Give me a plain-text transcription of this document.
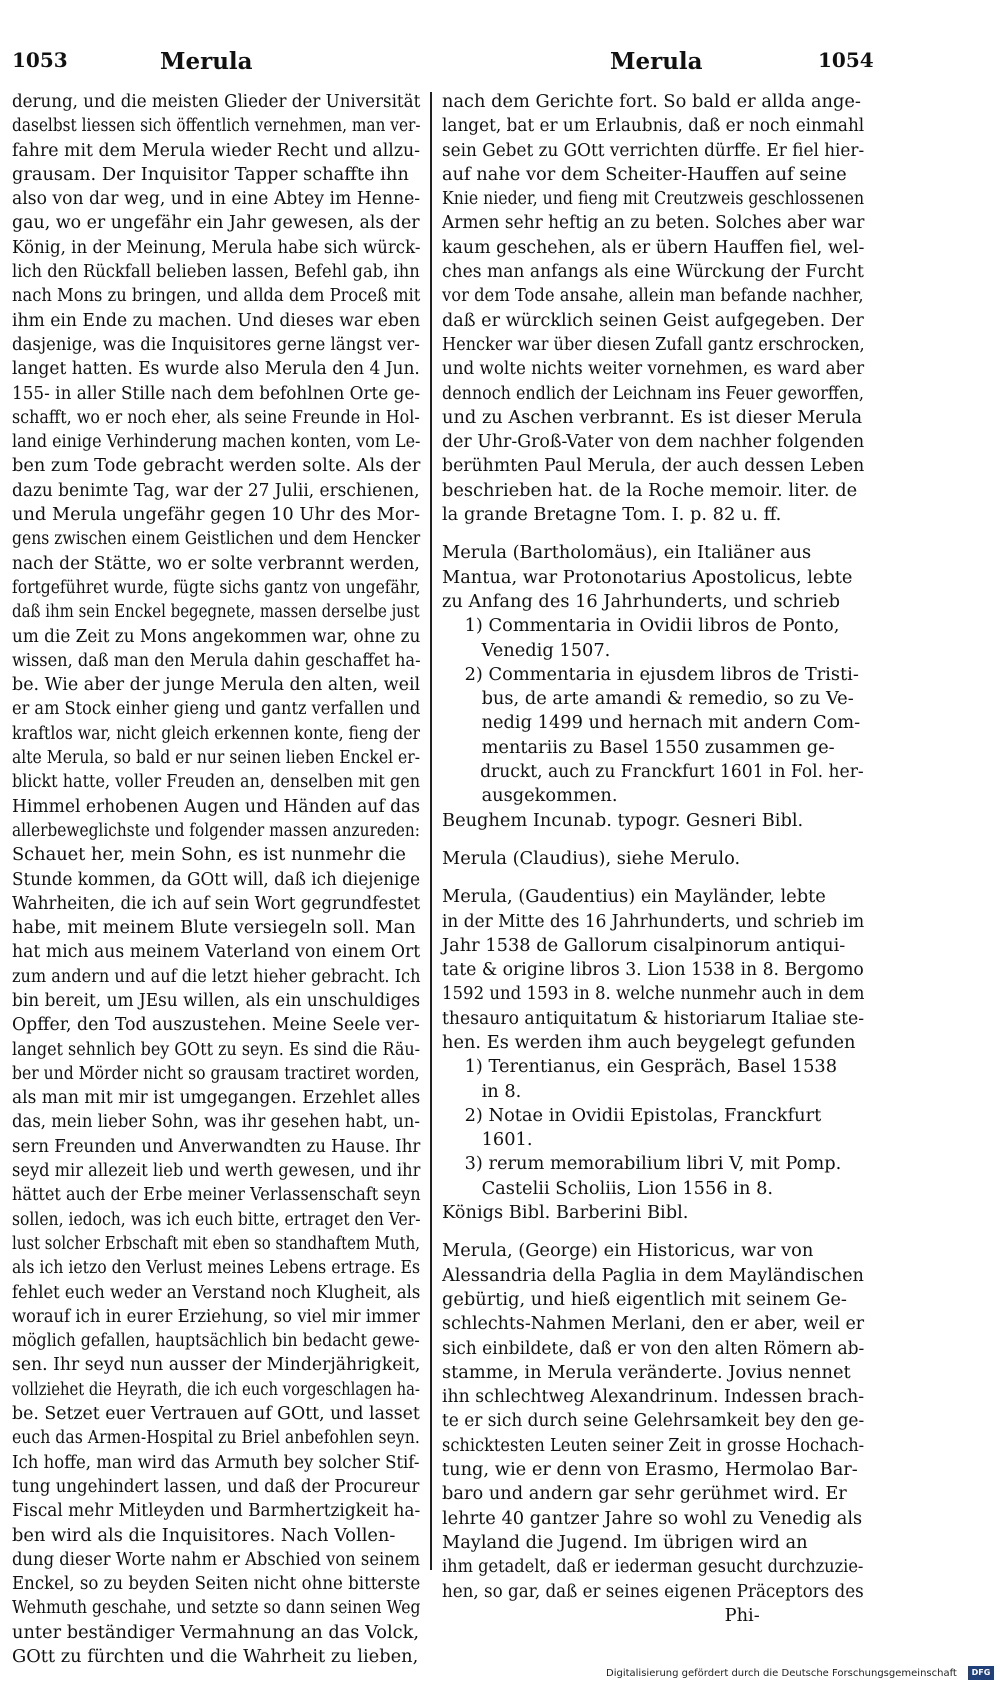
1053	Merula	Merula	1054
derung, und die meisten Glieder der Universität
daselbst liessen sich öffentlich vernehmen, man ver-
fahre mit dem Merula wieder Recht und allzu-
grausam. Der Inquisitor Tapper schaffte ihn
also von dar weg, und in eine Abtey im Henne-
gau, wo er ungefähr ein Jahr gewesen, als der
König, in der Meinung, Merula habe sich würck-
lich den Rückfall belieben lassen, Befehl gab, ihn
nach Mons zu bringen, und allda dem Proceß mit
ihm ein Ende zu machen. Und dieses war eben
dasjenige, was die Inquisitores gerne längst ver-
langet hatten. Es wurde also Merula den 4 Jun.
155- in aller Stille nach dem befohlnen Orte ge-
schafft, wo er noch eher, als seine Freunde in Hol-
land einige Verhinderung machen konten, vom Le-
ben zum Tode gebracht werden solte. Als der
dazu benimte Tag, war der 27 Julii, erschienen,
und Merula ungefähr gegen 10 Uhr des Mor-
gens zwischen einem Geistlichen und dem Hencker
nach der Stätte, wo er solte verbrannt werden,
fortgeführet wurde, fügte sichs gantz von ungefähr,
daß ihm sein Enckel begegnete, massen derselbe just
um die Zeit zu Mons angekommen war, ohne zu
wissen, daß man den Merula dahin geschaffet ha-
be. Wie aber der junge Merula den alten, weil
er am Stock einher gieng und gantz verfallen und
kraftlos war, nicht gleich erkennen konte, fieng der
alte Merula, so bald er nur seinen lieben Enckel er-
blickt hatte, voller Freuden an, denselben mit gen
Himmel erhobenen Augen und Händen auf das
allerbeweglichste und folgender massen anzureden:
Schauet her, mein Sohn, es ist nunmehr die
Stunde kommen, da GOtt will, daß ich diejenige
Wahrheiten, die ich auf sein Wort gegrundfestet
habe, mit meinem Blute versiegeln soll. Man
hat mich aus meinem Vaterland von einem Ort
zum andern und auf die letzt hieher gebracht. Ich
bin bereit, um JEsu willen, als ein unschuldiges
Opffer, den Tod auszustehen. Meine Seele ver-
langet sehnlich bey GOtt zu seyn. Es sind die Räu-
ber und Mörder nicht so grausam tractiret worden,
als man mit mir ist umgegangen. Erzehlet alles
das, mein lieber Sohn, was ihr gesehen habt, un-
sern Freunden und Anverwandten zu Hause. Ihr
seyd mir allezeit lieb und werth gewesen, und ihr
hättet auch der Erbe meiner Verlassenschaft seyn
sollen, iedoch, was ich euch bitte, ertraget den Ver-
lust solcher Erbschaft mit eben so standhaftem Muth,
als ich ietzo den Verlust meines Lebens ertrage. Es
fehlet euch weder an Verstand noch Klugheit, als
worauf ich in eurer Erziehung, so viel mir immer
möglich gefallen, hauptsächlich bin bedacht gewe-
sen. Ihr seyd nun ausser der Minderjährigkeit,
vollziehet die Heyrath, die ich euch vorgeschlagen ha-
be. Setzet euer Vertrauen auf GOtt, und lasset
euch das Armen-Hospital zu Briel anbefohlen seyn.
Ich hoffe, man wird das Armuth bey solcher Stif-
tung ungehindert lassen, und daß der Procureur
Fiscal mehr Mitleyden und Barmhertzigkeit ha-
ben wird als die Inquisitores. Nach Vollen-
dung dieser Worte nahm er Abschied von seinem
Enckel, so zu beyden Seiten nicht ohne bitterste
Wehmuth geschahe, und setzte so dann seinen Weg
unter beständiger Vermahnung an das Volck,
GOtt zu fürchten und die Wahrheit zu lieben,
nach dem Gerichte fort. So bald er allda ange-
langet, bat er um Erlaubnis, daß er noch einmahl
sein Gebet zu GOtt verrichten dürffe. Er fiel hier-
auf nahe vor dem Scheiter-Hauffen auf seine
Knie nieder, und fieng mit Creutzweis geschlossenen
Armen sehr heftig an zu beten. Solches aber war
kaum geschehen, als er übern Hauffen fiel, wel-
ches man anfangs als eine Würckung der Furcht
vor dem Tode ansahe, allein man befande nachher,
daß er würcklich seinen Geist aufgegeben. Der
Hencker war über diesen Zufall gantz erschrocken,
und wolte nichts weiter vornehmen, es ward aber
dennoch endlich der Leichnam ins Feuer geworffen,
und zu Aschen verbrannt. Es ist dieser Merula
der Uhr-Groß-Vater von dem nachher folgenden
berühmten Paul Merula, der auch dessen Leben
beschrieben hat. de la Roche memoir. liter. de
la grande Bretagne Tom. I. p. 82 u. ff.
Merula (Bartholomäus), ein Italiäner aus
Mantua, war Protonotarius Apostolicus, lebte
zu Anfang des 16 Jahrhunderts, und schrieb
1) Commentaria in Ovidii libros de Ponto,
Venedig 1507.
2) Commentaria in ejusdem libros de Tristi-
bus, de arte amandi & remedio, so zu Ve-
nedig 1499 und hernach mit andern Com-
mentariis zu Basel 1550 zusammen ge-
druckt, auch zu Franckfurt 1601 in Fol. her-
ausgekommen.
Beughem Incunab. typogr. Gesneri Bibl.
Merula (Claudius), siehe Merulo.
Merula, (Gaudentius) ein Mayländer, lebte
in der Mitte des 16 Jahrhunderts, und schrieb im
Jahr 1538 de Gallorum cisalpinorum antiqui-
tate & origine libros 3. Lion 1538 in 8. Bergomo
1592 und 1593 in 8. welche nunmehr auch in dem
thesauro antiquitatum & historiarum Italiae ste-
hen. Es werden ihm auch beygelegt gefunden
1) Terentianus, ein Gespräch, Basel 1538
in 8.
2) Notae in Ovidii Epistolas, Franckfurt
1601.
3) rerum memorabilium libri V, mit Pomp.
Castelii Scholiis, Lion 1556 in 8.
Königs Bibl. Barberini Bibl.
Merula, (George) ein Historicus, war von
Alessandria della Paglia in dem Mayländischen
gebürtig, und hieß eigentlich mit seinem Ge-
schlechts-Nahmen Merlani, den er aber, weil er
sich einbildete, daß er von den alten Römern ab-
stamme, in Merula veränderte. Jovius nennet
ihn schlechtweg Alexandrinum. Indessen brach-
te er sich durch seine Gelehrsamkeit bey den ge-
schicktesten Leuten seiner Zeit in grosse Hochach-
tung, wie er denn von Erasmo, Hermolao Bar-
baro und andern gar sehr gerühmet wird. Er
lehrte 40 gantzer Jahre so wohl zu Venedig als
Mayland die Jugend. Im übrigen wird an
ihm getadelt, daß er iederman gesucht durchzuzie-
hen, so gar, daß er seines eigenen Präceptors des
Phi-
Digitalisierung gefördert durch die Deutsche Forschungsgemeinschaft	DFG
